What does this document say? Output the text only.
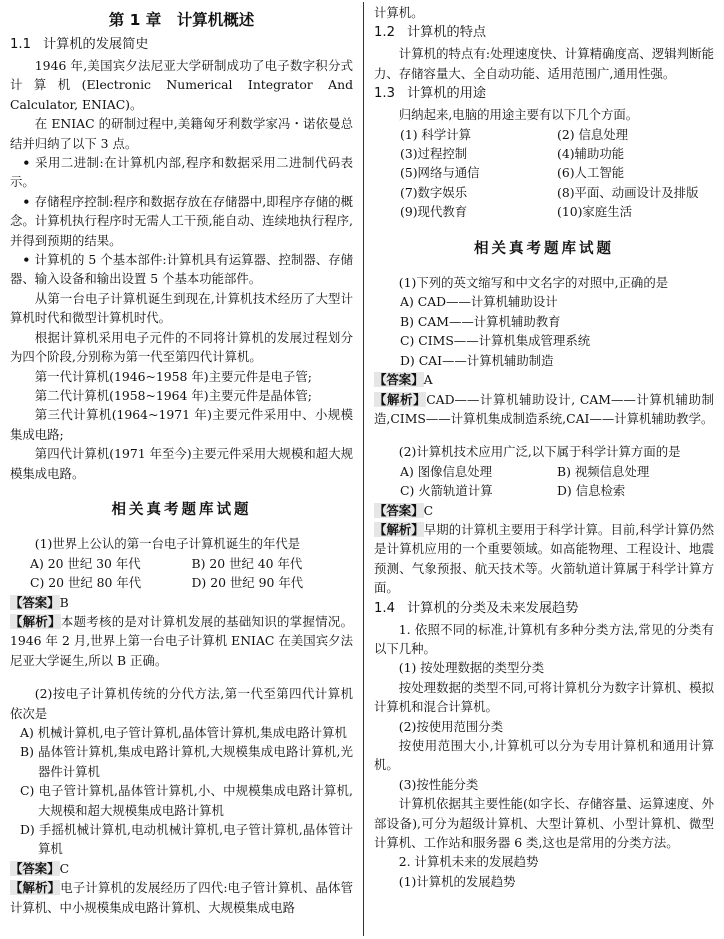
第 1 章　计算机概述
1.1 计算机的发展简史

1946 年,美国宾夕法尼亚大学研制成功了电子数字积分式计算机(Electronic Numerical Integrator And Calculator, ENIAC)。

在 ENIAC 的研制过程中,美籍匈牙利数学家冯・诺依曼总结并归纳了以下 3 点。

• 采用二进制:在计算机内部,程序和数据采用二进制代码表示。

• 存储程序控制:程序和数据存放在存储器中,即程序存储的概念。计算机执行程序时无需人工干预,能自动、连续地执行程序,并得到预期的结果。

• 计算机的 5 个基本部件:计算机具有运算器、控制器、存储器、输入设备和输出设置 5 个基本功能部件。

从第一台电子计算机诞生到现在,计算机技术经历了大型计算机时代和微型计算机时代。

根据计算机采用电子元件的不同将计算机的发展过程划分为四个阶段,分别称为第一代至第四代计算机。

第一代计算机(1946~1958 年)主要元件是电子管;

第二代计算机(1958~1964 年)主要元件是晶体管;

第三代计算机(1964~1971 年)主要元件采用中、小规模集成电路;

第四代计算机(1971 年至今)主要元件采用大规模和超大规模集成电路。

相关真考题库试题

(1)世界上公认的第一台电子计算机诞生的年代是

A) 20 世纪 30 年代	B) 20 世纪 40 年代
C) 20 世纪 80 年代	D) 20 世纪 90 年代

【答案】B

【解析】本题考核的是对计算机发展的基础知识的掌握情况。1946 年 2 月,世界上第一台电子计算机 ENIAC 在美国宾夕法尼亚大学诞生,所以 B 正确。

(2)按电子计算机传统的分代方法,第一代至第四代计算机依次是

A) 机械计算机,电子管计算机,晶体管计算机,集成电路计算机

B) 晶体管计算机,集成电路计算机,大规模集成电路计算机,光器件计算机

C) 电子管计算机,晶体管计算机,小、中规模集成电路计算机,大规模和超大规模集成电路计算机

D) 手摇机械计算机,电动机械计算机,电子管计算机,晶体管计算机

【答案】C

【解析】电子计算机的发展经历了四代:电子管计算机、晶体管计算机、中小规模集成电路计算机、大规模集成电路

计算机。

1.2 计算机的特点

计算机的特点有:处理速度快、计算精确度高、逻辑判断能力、存储容量大、全自动功能、适用范围广,通用性强。

1.3 计算机的用途

归纳起来,电脑的用途主要有以下几个方面。

(1) 科学计算	(2) 信息处理
(3)过程控制	(4)辅助功能
(5)网络与通信	(6)人工智能
(7)数字娱乐	(8)平面、动画设计及排版
(9)现代教育	(10)家庭生活
相关真考题库试题

(1)下列的英文缩写和中文名字的对照中,正确的是

A) CAD——计算机辅助设计
B) CAM——计算机辅助教育
C) CIMS——计算机集成管理系统
D) CAI——计算机辅助制造

【答案】A

【解析】CAD——计算机辅助设计, CAM——计算机辅助制造,CIMS——计算机集成制造系统,CAI——计算机辅助教学。

(2)计算机技术应用广泛,以下属于科学计算方面的是

A) 图像信息处理	B) 视频信息处理
C) 火箭轨道计算	D) 信息检索

【答案】C

【解析】早期的计算机主要用于科学计算。目前,科学计算仍然是计算机应用的一个重要领域。如高能物理、工程设计、地震预测、气象预报、航天技术等。火箭轨道计算属于科学计算方面。

1.4 计算机的分类及未来发展趋势

1. 依照不同的标准,计算机有多种分类方法,常见的分类有以下几种。

(1) 按处理数据的类型分类

按处理数据的类型不同,可将计算机分为数字计算机、模拟计算机和混合计算机。

(2)按使用范围分类

按使用范围大小,计算机可以分为专用计算机和通用计算机。

(3)按性能分类

计算机依据其主要性能(如字长、存储容量、运算速度、外部设备),可分为超级计算机、大型计算机、小型计算机、微型计算机、工作站和服务器 6 类,这也是常用的分类方法。

2. 计算机未来的发展趋势

(1)计算机的发展趋势
